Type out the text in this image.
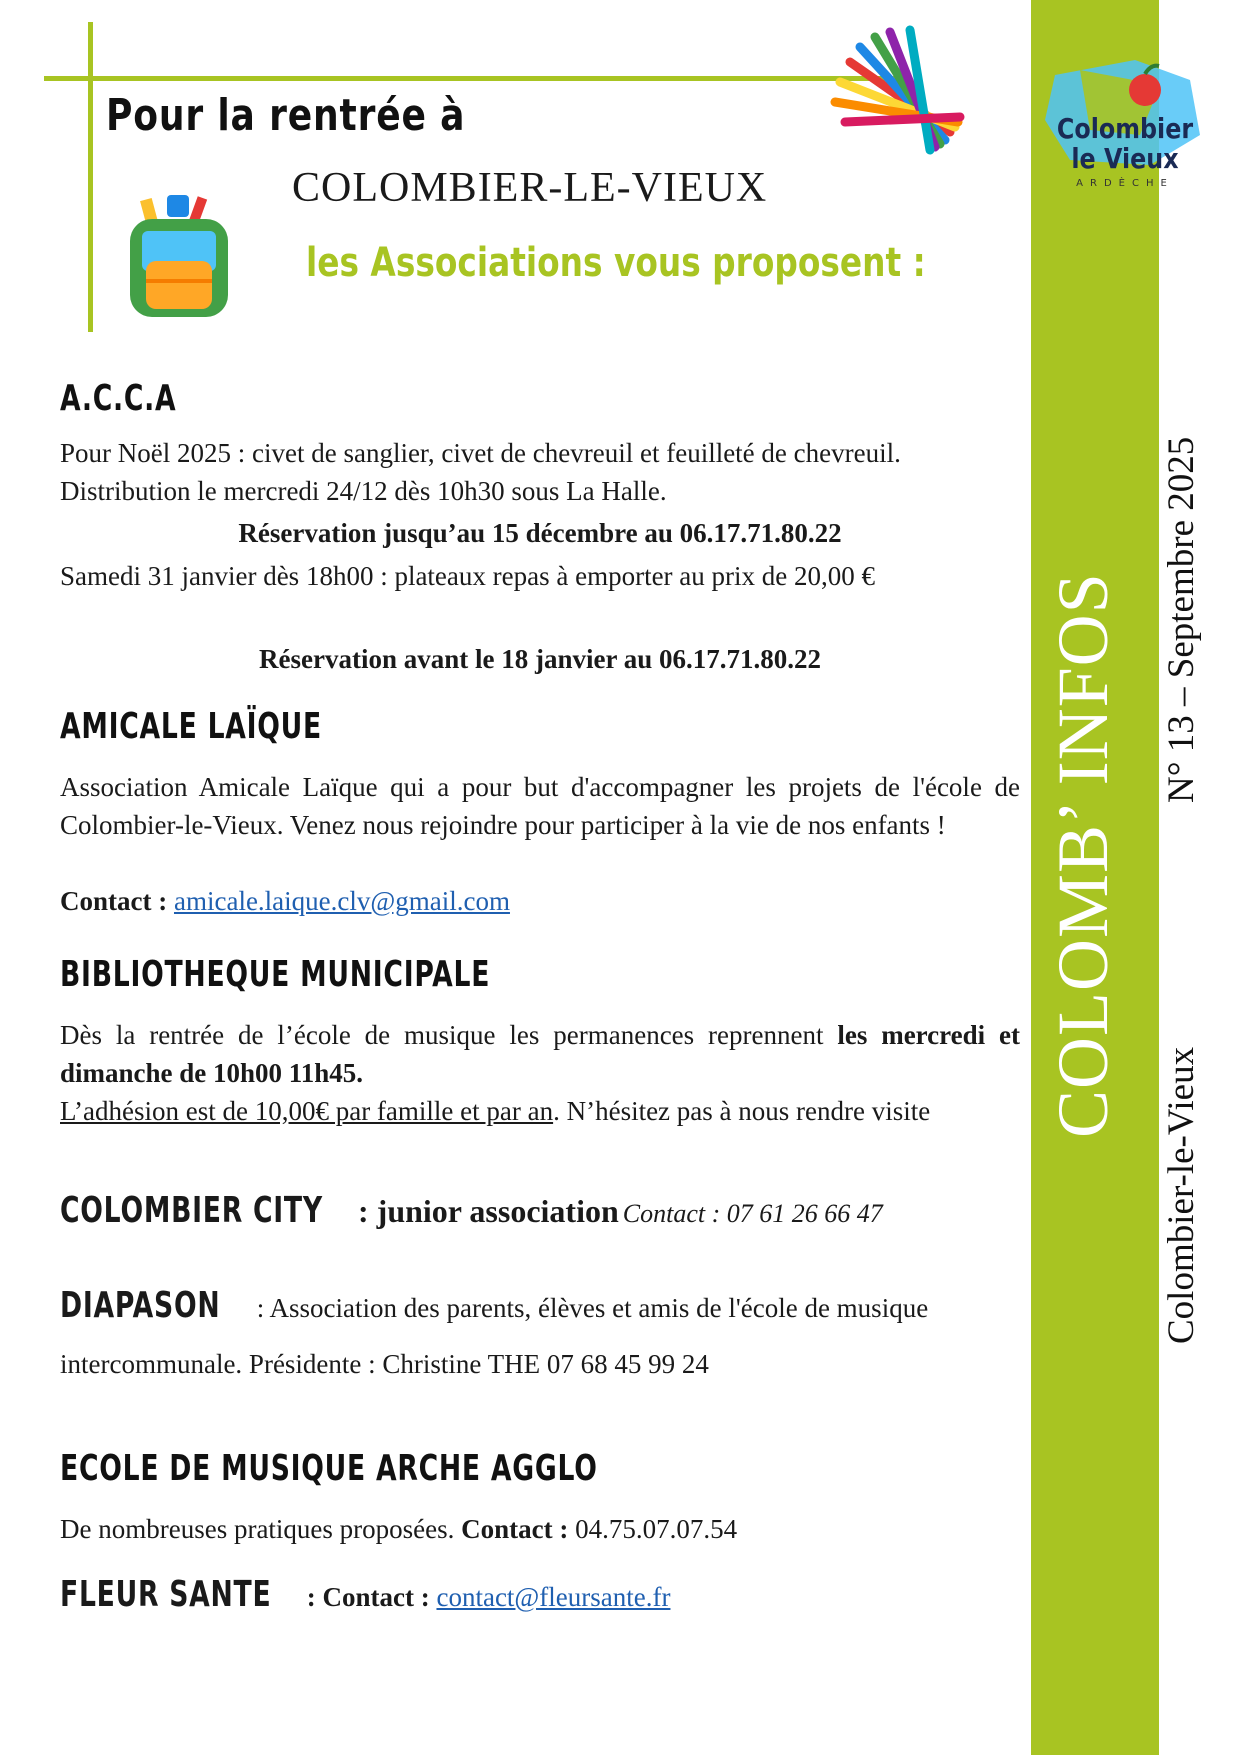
Pour la rentrée à
COLOMBIER-LE-VIEUX
les Associations vous proposent :
Colombier
le Vieux
ARDÈCHE
COLOMB’ INFOS N° 13 – Septembre 2025
Colombier-le-Vieux
A.C.C.A
Pour Noël 2025 : civet de sanglier, civet de chevreuil et feuilleté de chevreuil. Distribution le mercredi 24/12 dès 10h30 sous La Halle.
Réservation jusqu’au 15 décembre au 06.17.71.80.22
Samedi 31 janvier dès 18h00 : plateaux repas à emporter au prix de 20,00 €
Réservation avant le 18 janvier au 06.17.71.80.22
AMICALE LAÏQUE
Association Amicale Laïque qui a pour but d'accompagner les projets de l'école de Colombier-le-Vieux. Venez nous rejoindre pour participer à la vie de nos enfants !
Contact : amicale.laique.clv@gmail.com
BIBLIOTHEQUE MUNICIPALE
Dès la rentrée de l’école de musique les permanences reprennent les mercredi et dimanche de 10h00 11h45.
L’adhésion est de 10,00€ par famille et par an. N’hésitez pas à nous rendre visite
COLOMBIER CITY : junior association Contact : 07 61 26 66 47
DIAPASON : Association des parents, élèves et amis de l'école de musique intercommunale. Présidente : Christine THE 07 68 45 99 24
ECOLE DE MUSIQUE ARCHE AGGLO
De nombreuses pratiques proposées. Contact : 04.75.07.07.54
FLEUR SANTE : Contact : contact@fleursante.fr
